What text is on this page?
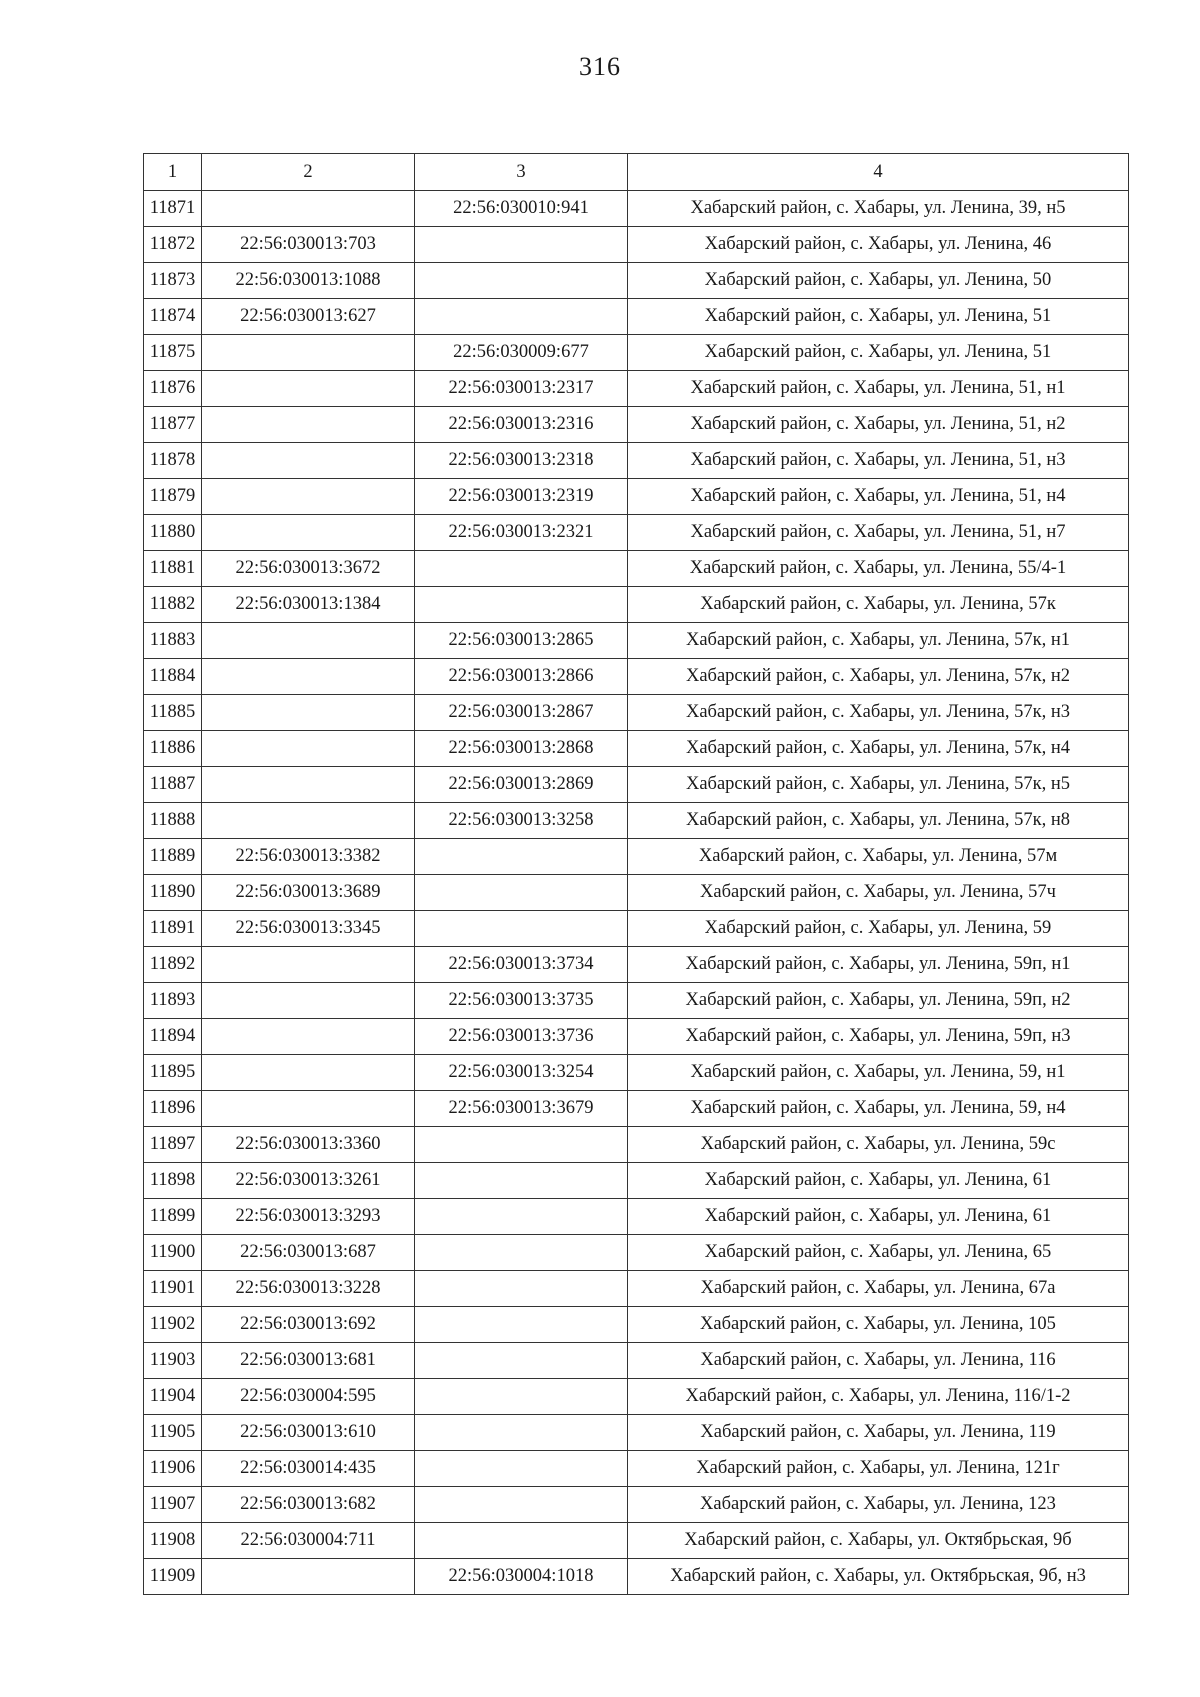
316
1	2	3	4
11871		22:56:030010:941	Хабарский район, с. Хабары, ул. Ленина, 39, н5
11872	22:56:030013:703		Хабарский район, с. Хабары, ул. Ленина, 46
11873	22:56:030013:1088		Хабарский район, с. Хабары, ул. Ленина, 50
11874	22:56:030013:627		Хабарский район, с. Хабары, ул. Ленина, 51
11875		22:56:030009:677	Хабарский район, с. Хабары, ул. Ленина, 51
11876		22:56:030013:2317	Хабарский район, с. Хабары, ул. Ленина, 51, н1
11877		22:56:030013:2316	Хабарский район, с. Хабары, ул. Ленина, 51, н2
11878		22:56:030013:2318	Хабарский район, с. Хабары, ул. Ленина, 51, н3
11879		22:56:030013:2319	Хабарский район, с. Хабары, ул. Ленина, 51, н4
11880		22:56:030013:2321	Хабарский район, с. Хабары, ул. Ленина, 51, н7
11881	22:56:030013:3672		Хабарский район, с. Хабары, ул. Ленина, 55/4-1
11882	22:56:030013:1384		Хабарский район, с. Хабары, ул. Ленина, 57к
11883		22:56:030013:2865	Хабарский район, с. Хабары, ул. Ленина, 57к, н1
11884		22:56:030013:2866	Хабарский район, с. Хабары, ул. Ленина, 57к, н2
11885		22:56:030013:2867	Хабарский район, с. Хабары, ул. Ленина, 57к, н3
11886		22:56:030013:2868	Хабарский район, с. Хабары, ул. Ленина, 57к, н4
11887		22:56:030013:2869	Хабарский район, с. Хабары, ул. Ленина, 57к, н5
11888		22:56:030013:3258	Хабарский район, с. Хабары, ул. Ленина, 57к, н8
11889	22:56:030013:3382		Хабарский район, с. Хабары, ул. Ленина, 57м
11890	22:56:030013:3689		Хабарский район, с. Хабары, ул. Ленина, 57ч
11891	22:56:030013:3345		Хабарский район, с. Хабары, ул. Ленина, 59
11892		22:56:030013:3734	Хабарский район, с. Хабары, ул. Ленина, 59п, н1
11893		22:56:030013:3735	Хабарский район, с. Хабары, ул. Ленина, 59п, н2
11894		22:56:030013:3736	Хабарский район, с. Хабары, ул. Ленина, 59п, н3
11895		22:56:030013:3254	Хабарский район, с. Хабары, ул. Ленина, 59, н1
11896		22:56:030013:3679	Хабарский район, с. Хабары, ул. Ленина, 59, н4
11897	22:56:030013:3360		Хабарский район, с. Хабары, ул. Ленина, 59с
11898	22:56:030013:3261		Хабарский район, с. Хабары, ул. Ленина, 61
11899	22:56:030013:3293		Хабарский район, с. Хабары, ул. Ленина, 61
11900	22:56:030013:687		Хабарский район, с. Хабары, ул. Ленина, 65
11901	22:56:030013:3228		Хабарский район, с. Хабары, ул. Ленина, 67а
11902	22:56:030013:692		Хабарский район, с. Хабары, ул. Ленина, 105
11903	22:56:030013:681		Хабарский район, с. Хабары, ул. Ленина, 116
11904	22:56:030004:595		Хабарский район, с. Хабары, ул. Ленина, 116/1-2
11905	22:56:030013:610		Хабарский район, с. Хабары, ул. Ленина, 119
11906	22:56:030014:435		Хабарский район, с. Хабары, ул. Ленина, 121г
11907	22:56:030013:682		Хабарский район, с. Хабары, ул. Ленина, 123
11908	22:56:030004:711		Хабарский район, с. Хабары, ул. Октябрьская, 9б
11909		22:56:030004:1018	Хабарский район, с. Хабары, ул. Октябрьская, 9б, н3
